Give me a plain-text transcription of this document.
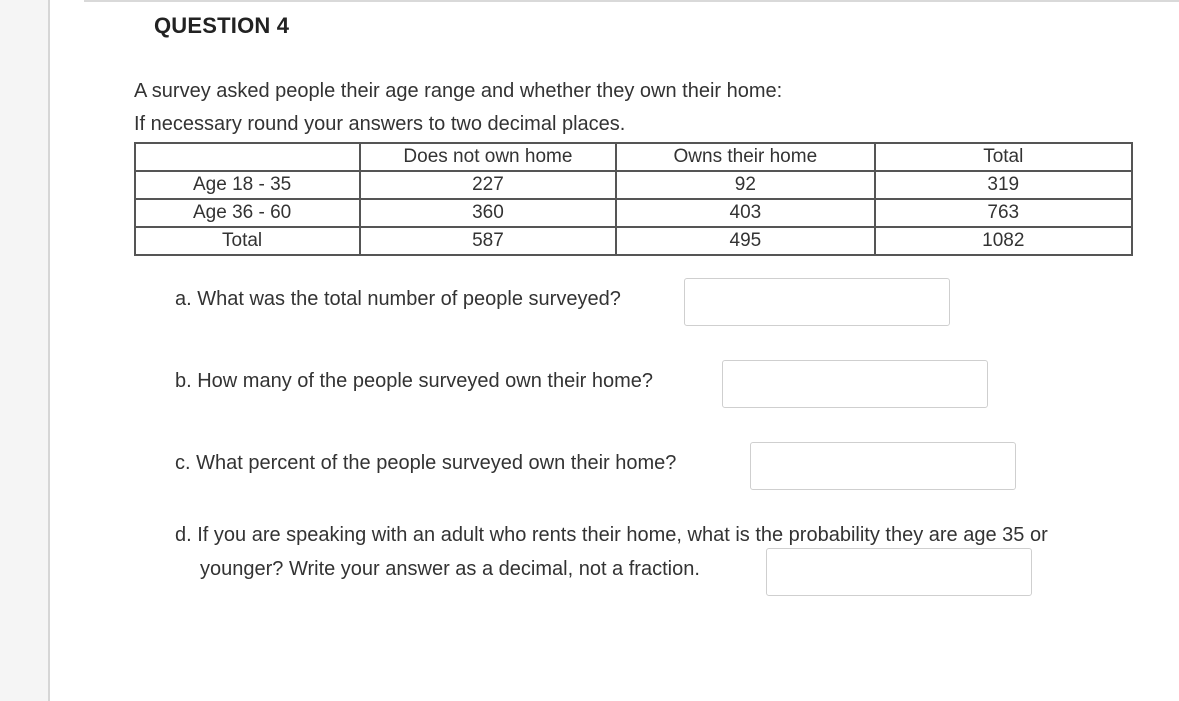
QUESTION 4

A survey asked people their age range and whether they own their home:

If necessary round your answers to two decimal places.

	Does not own home	Owns their home	Total
Age 18 - 35	227	92	319
Age 36 - 60	360	403	763
Total	587	495	1082
a. What was the total number of people surveyed?
b. How many of the people surveyed own their home?
c. What percent of the people surveyed own their home?
d. If you are speaking with an adult who rents their home, what is the probability they are age 35 or
younger? Write your answer as a decimal, not a fraction.
